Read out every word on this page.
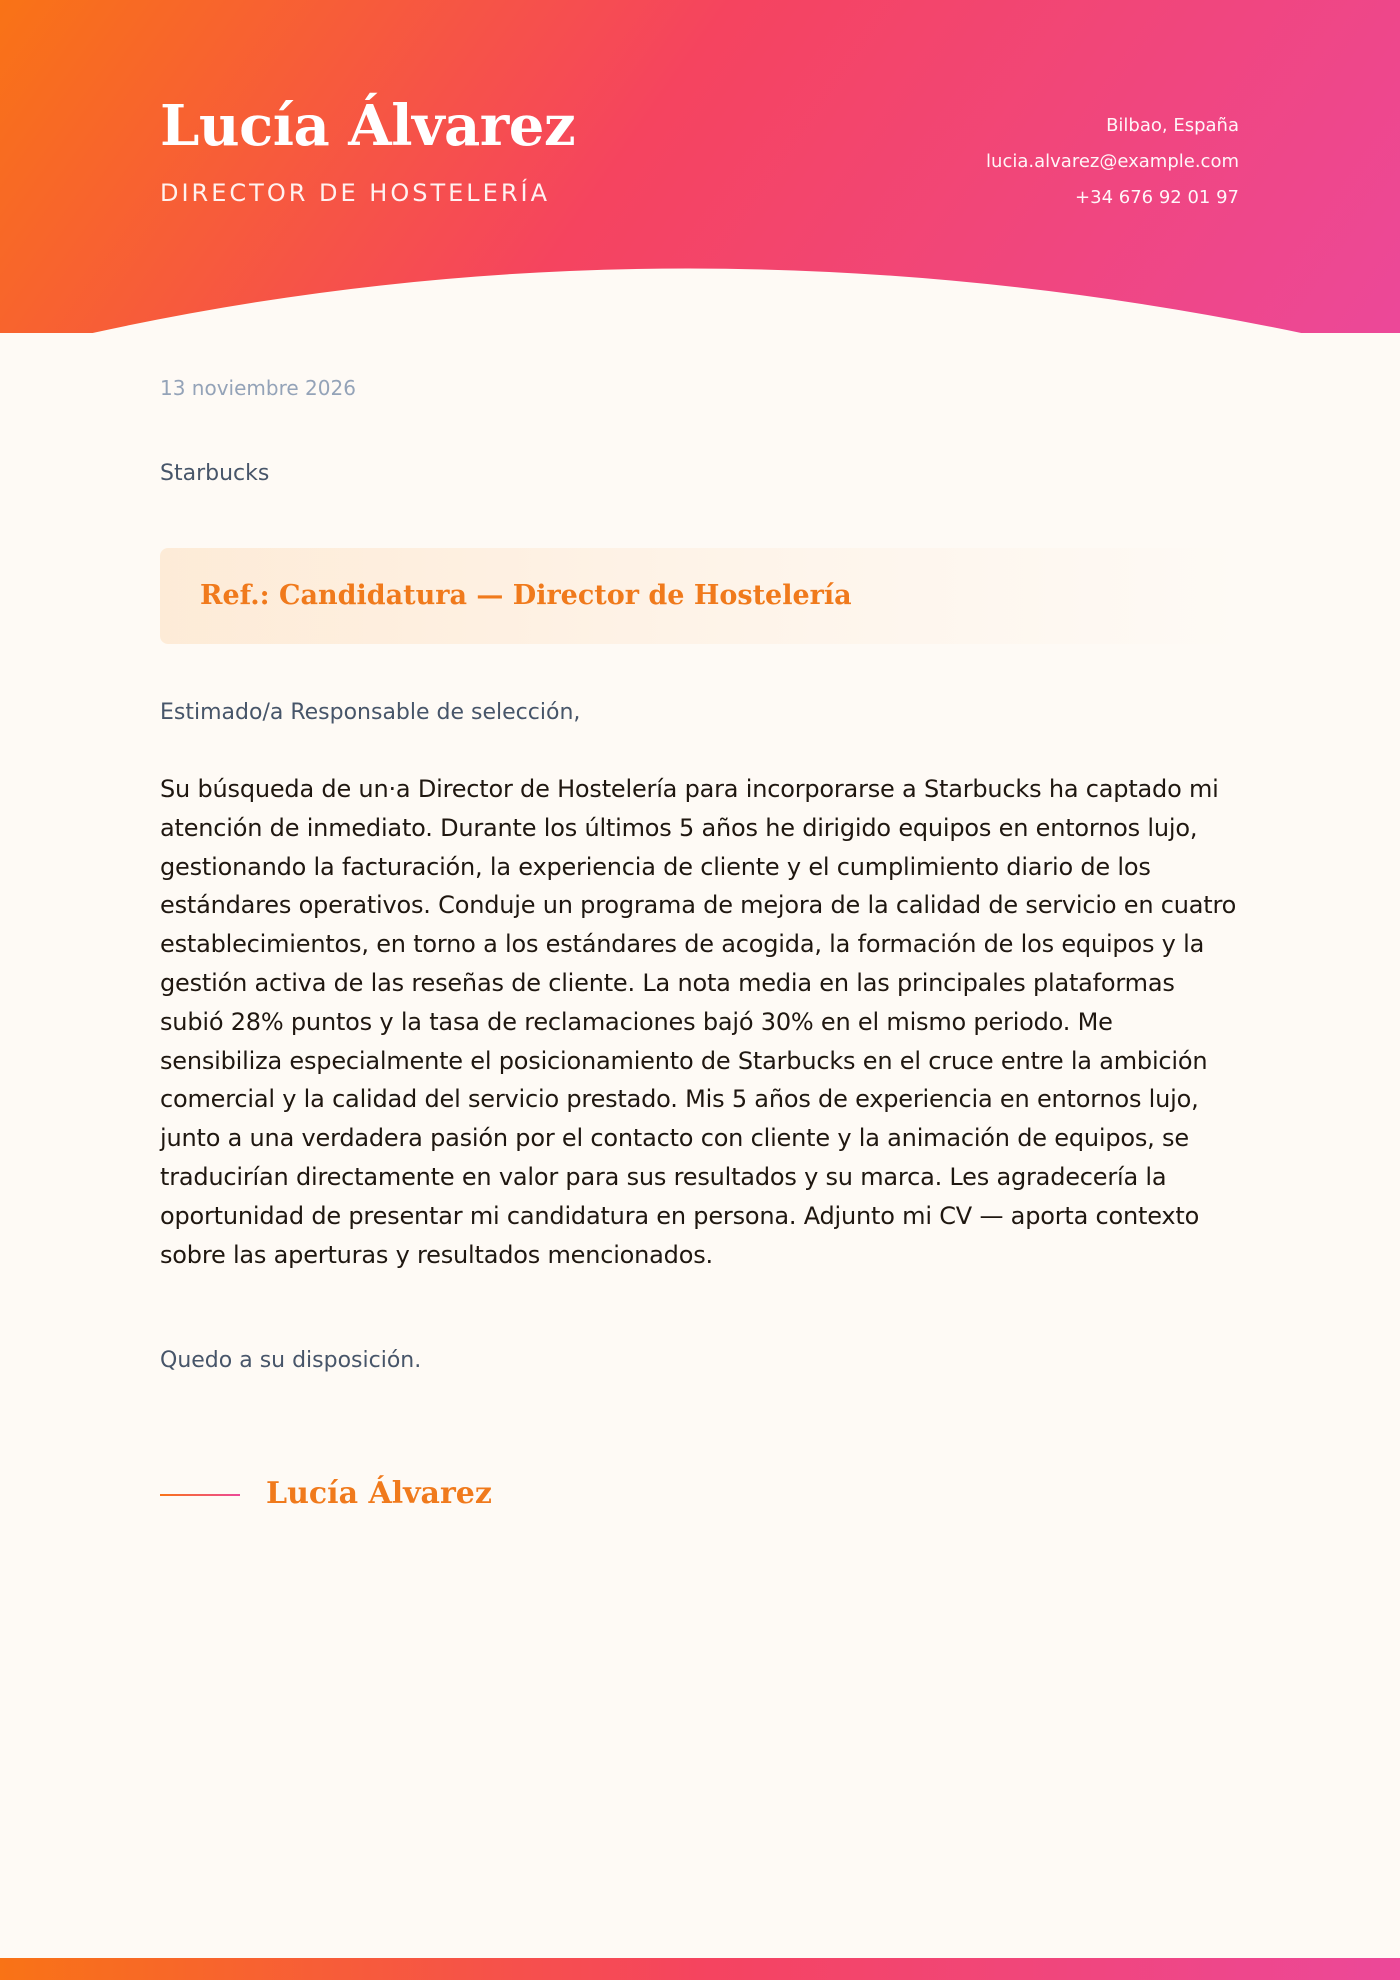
Lucía Álvarez
DIRECTOR DE HOSTELERÍA
Bilbao, España
lucia.alvarez@example.com
+34 676 92 01 97
13 noviembre 2026
Starbucks
Ref.: Candidatura — Director de Hostelería
Estimado/a Responsable de selección,

Su búsqueda de un·a Director de Hostelería para incorporarse a Starbucks ha captado mi atención de inmediato. Durante los últimos 5 años he dirigido equipos en entornos lujo, gestionando la facturación, la experiencia de cliente y el cumplimiento diario de los estándares operativos. Conduje un programa de mejora de la calidad de servicio en cuatro establecimientos, en torno a los estándares de acogida, la formación de los equipos y la gestión activa de las reseñas de cliente. La nota media en las principales plataformas subió 28% puntos y la tasa de reclamaciones bajó 30% en el mismo periodo. Me sensibiliza especialmente el posicionamiento de Starbucks en el cruce entre la ambición comercial y la calidad del servicio prestado. Mis 5 años de experiencia en entornos lujo, junto a una verdadera pasión por el contacto con cliente y la animación de equipos, se traducirían directamente en valor para sus resultados y su marca. Les agradecería la oportunidad de presentar mi candidatura en persona. Adjunto mi CV — aporta contexto sobre las aperturas y resultados mencionados.

Quedo a su disposición.
Lucía Álvarez
